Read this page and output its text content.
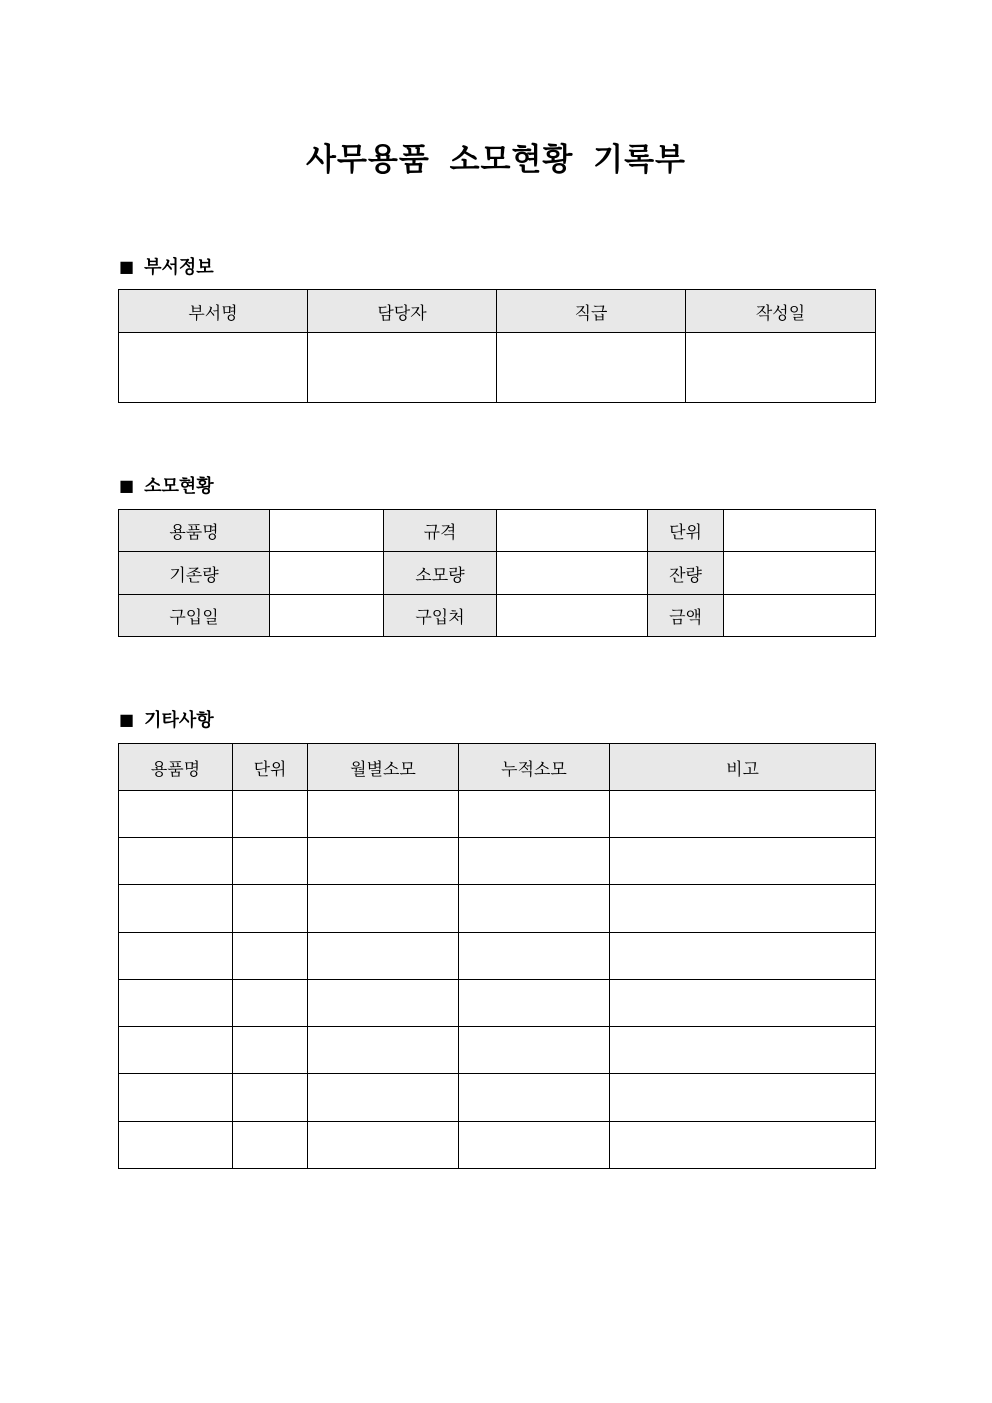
사무용품 소모현황 기록부
■ 부서정보
부서명	담당자	직급	작성일

■ 소모현황
용품명		규격		단위	
기존량		소모량		잔량	
구입일		구입처		금액	
■ 기타사항
용품명	단위	월별소모	누적소모	비고
